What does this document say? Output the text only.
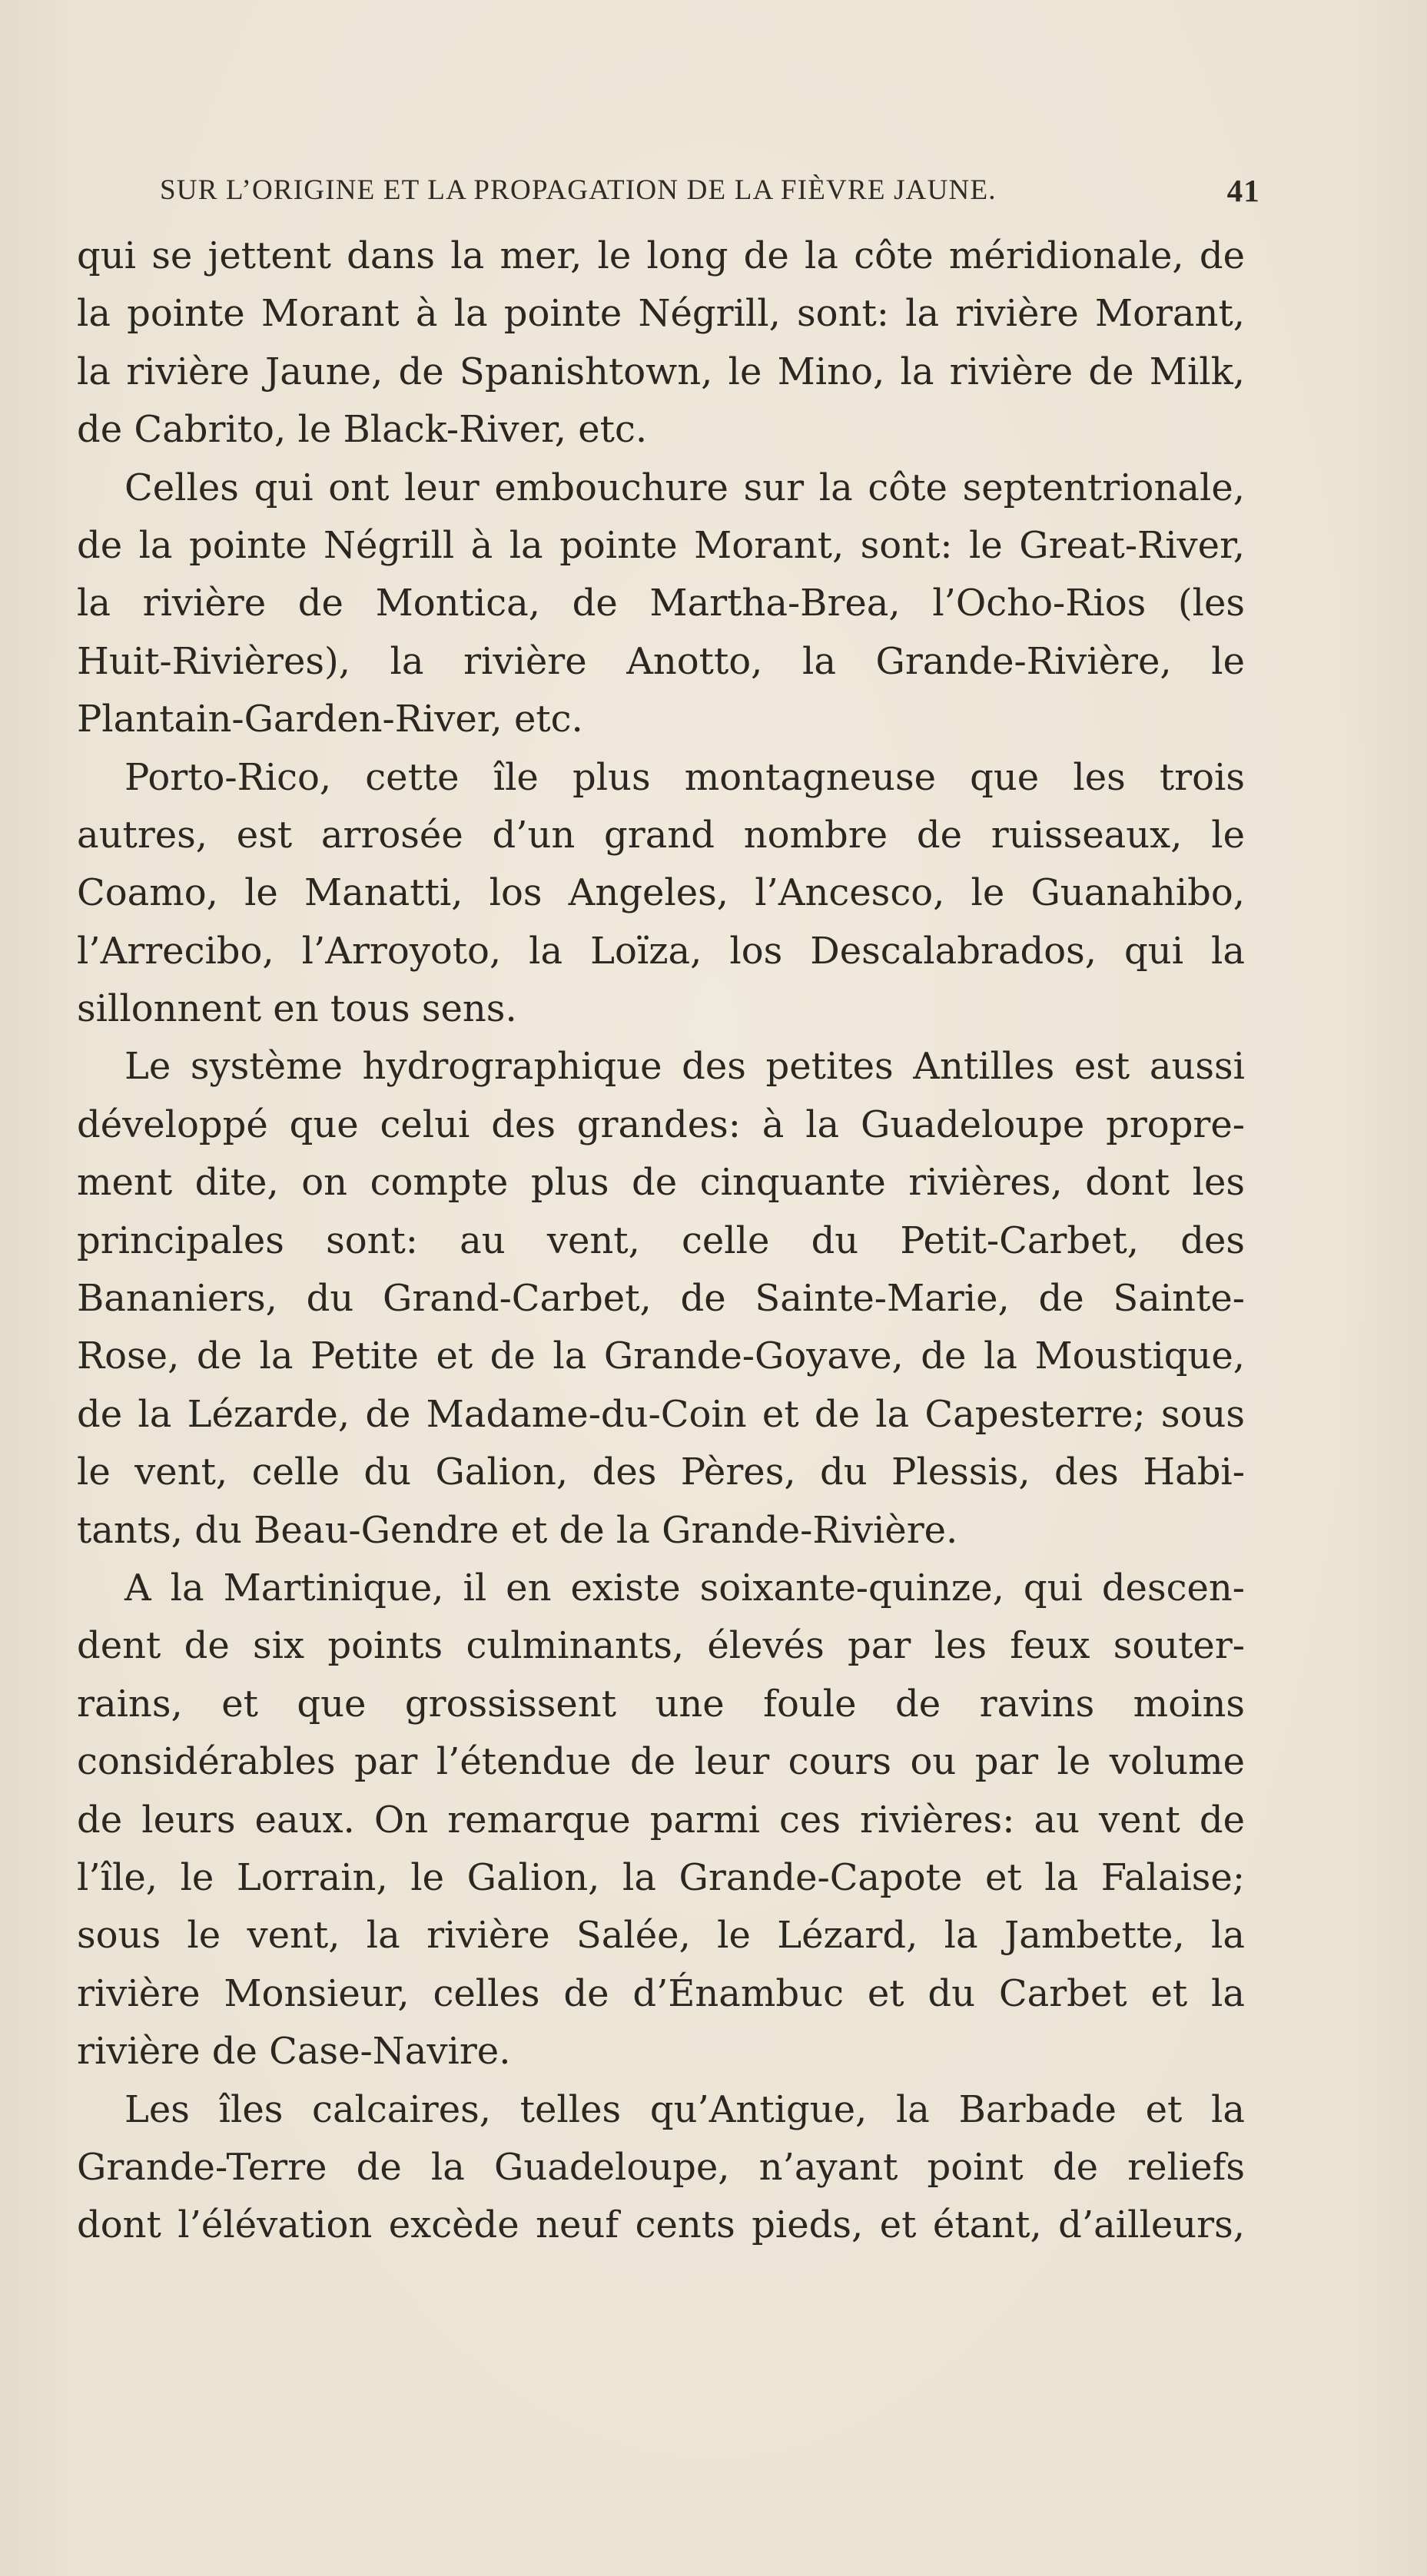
SUR L’ORIGINE ET LA PROPAGATION DE LA FIÈVRE JAUNE.	41
qui se jettent dans la mer, le long de la côte méridionale, de
la pointe Morant à la pointe Négrill, sont: la rivière Morant,
la rivière Jaune, de Spanishtown, le Mino, la rivière de Milk,
de Cabrito, le Black-River, etc.
Celles qui ont leur embouchure sur la côte septentrionale,
de la pointe Négrill à la pointe Morant, sont: le Great-River,
la rivière de Montica, de Martha-Brea, l’Ocho-Rios (les
Huit-Rivières), la rivière Anotto, la Grande-Rivière, le
Plantain-Garden-River, etc.
Porto-Rico, cette île plus montagneuse que les trois
autres, est arrosée d’un grand nombre de ruisseaux, le
Coamo, le Manatti, los Angeles, l’Ancesco, le Guanahibo,
l’Arrecibo, l’Arroyoto, la Loïza, los Descalabrados, qui la
sillonnent en tous sens.
Le système hydrographique des petites Antilles est aussi
développé que celui des grandes: à la Guadeloupe propre-
ment dite, on compte plus de cinquante rivières, dont les
principales sont: au vent, celle du Petit-Carbet, des
Bananiers, du Grand-Carbet, de Sainte-Marie, de Sainte-
Rose, de la Petite et de la Grande-Goyave, de la Moustique,
de la Lézarde, de Madame-du-Coin et de la Capesterre; sous
le vent, celle du Galion, des Pères, du Plessis, des Habi-
tants, du Beau-Gendre et de la Grande-Rivière.
A la Martinique, il en existe soixante-quinze, qui descen-
dent de six points culminants, élevés par les feux souter-
rains, et que grossissent une foule de ravins moins
considérables par l’étendue de leur cours ou par le volume
de leurs eaux. On remarque parmi ces rivières: au vent de
l’île, le Lorrain, le Galion, la Grande-Capote et la Falaise;
sous le vent, la rivière Salée, le Lézard, la Jambette, la
rivière Monsieur, celles de d’Énambuc et du Carbet et la
rivière de Case-Navire.
Les îles calcaires, telles qu’Antigue, la Barbade et la
Grande-Terre de la Guadeloupe, n’ayant point de reliefs
dont l’élévation excède neuf cents pieds, et étant, d’ailleurs,
